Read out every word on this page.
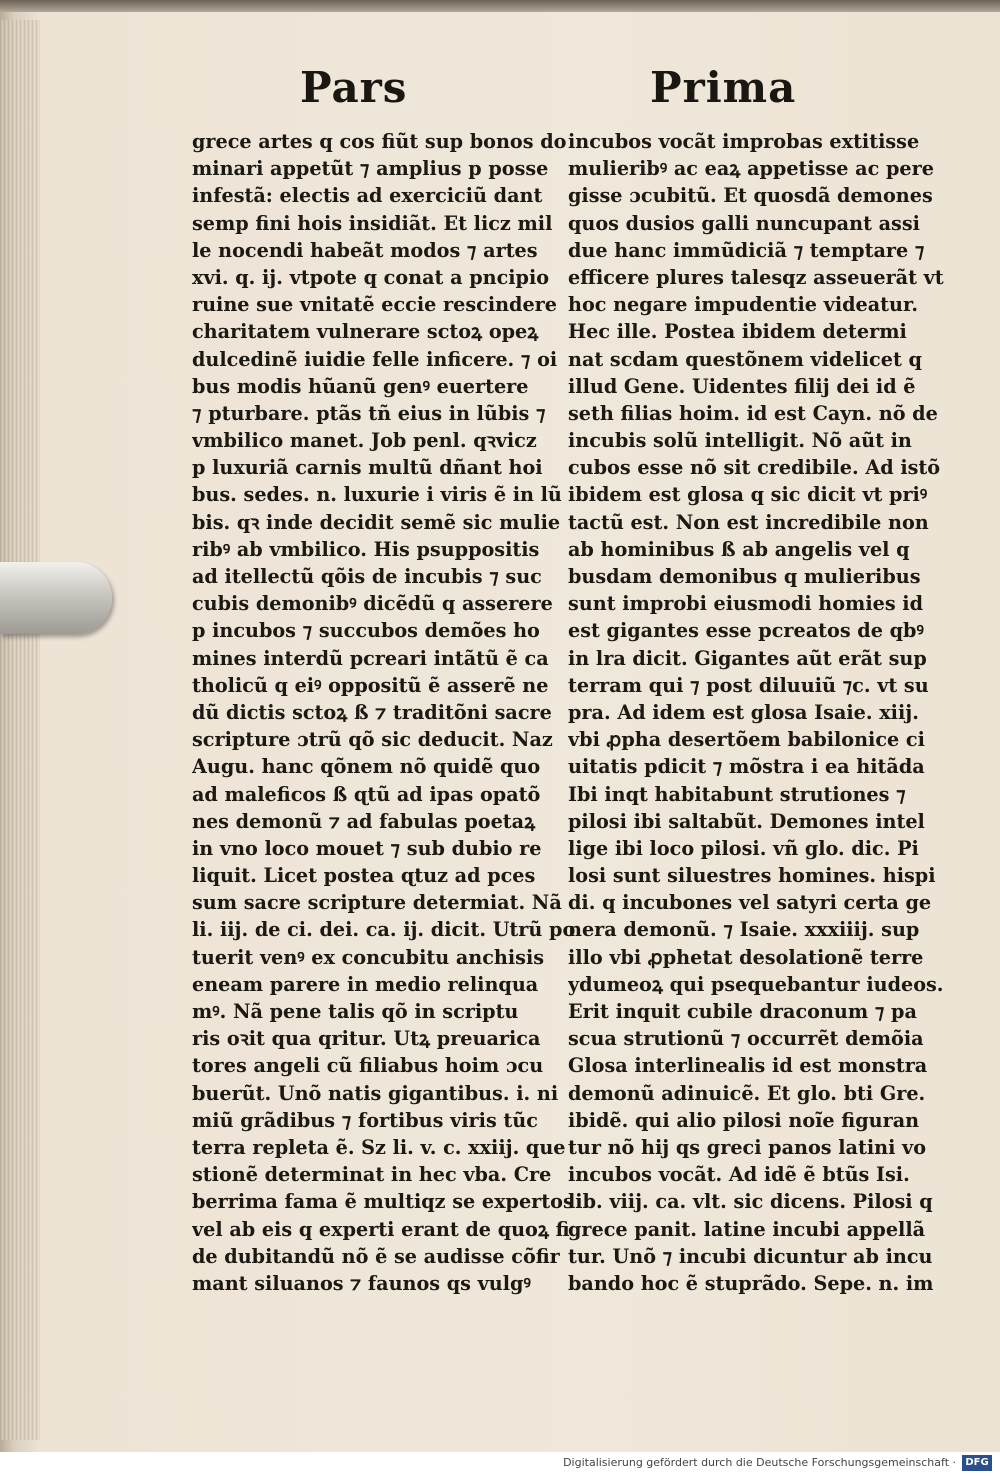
Pars	Prima
grece artes q cos fiũt sup bonos do
minari appetũt ⁊ amplius p posse
infestã: electis ad exerciciũ dant
semp fini hois insidiãt. Et licz mil
le nocendi habeãt modos ⁊ artes
xvi. q. ij. vtpote q conat a pncipio
ruine sue vnitatẽ eccie rescindere
charitatem vulnerare sctoꝝ opeꝝ
dulcedinẽ iuidie felle inficere. ⁊ oi
bus modis hũanũ genꝰ euertere
⁊ pturbare. ptãs tñ eius in lũbis ⁊
vmbilico manet. Job penl. qꝛvicz
p luxuriã carnis multũ dñant hoi
bus. sedes. n. luxurie i viris ẽ in lũ
bis. qꝛ inde decidit semẽ sic mulie
ribꝰ ab vmbilico. His psuppositis
ad itellectũ qõis de incubis ⁊ suc
cubis demonibꝰ dicẽdũ q asserere
p incubos ⁊ succubos demões ho
mines interdũ pcreari intãtũ ẽ ca
tholicũ q eiꝰ oppositũ ẽ asserẽ ne
dũ dictis sctoꝝ ß ⁊ traditõni sacre
scripture ɔtrũ qõ sic deducit. Naz
Augu. hanc qõnem nõ quidẽ quo
ad maleficos ß ɋtũ ad ipas opatõ
nes demonũ ⁊ ad fabulas poetaꝝ
in vno loco mouet ⁊ sub dubio re
liquit. Licet postea ɋtuz ad pces
sum sacre scripture determiat. Nã
li. iij. de ci. dei. ca. ij. dicit. Utrũ po
tuerit venꝰ ex concubitu anchisis
eneam parere in medio relinqua
mꝰ. Nã pene talis qõ in scriptu
ris oꝛit qua qritur. Utꝝ preuarica
tores angeli cũ filiabus hoim ɔcu
buerũt. Unõ natis gigantibus. i. ni
miũ grãdibus ⁊ fortibus viris tũc
terra repleta ẽ. Sz li. v. c. xxiij. que
stionẽ determinat in hec vba. Cre
berrima fama ẽ multiqz se expertos
vel ab eis q experti erant de quoꝝ fi
de dubitandũ nõ ẽ se audisse cõfir
mant siluanos ⁊ faunos qs vulgꝰ
incubos vocãt improbas extitisse
mulieribꝰ ac eaꝝ appetisse ac pere
gisse ɔcubitũ. Et quosdã demones
quos dusios galli nuncupant assi
due hanc immũdiciã ⁊ temptare ⁊
efficere plures talesqz asseuerãt vt
hoc negare impudentie videatur.
Hec ille. Postea ibidem determi
nat scdam questõnem videlicet q
illud Gene. Uidentes filij dei id ẽ
seth filias hoim. id est Cayn. nõ de
incubis solũ intelligit. Nõ aũt in
cubos esse nõ sit credibile. Ad istõ
ibidem est glosa q sic dicit vt priꝰ
tactũ est. Non est incredibile non
ab hominibus ß ab angelis vel q
busdam demonibus q mulieribus
sunt improbi eiusmodi homies id
est gigantes esse pcreatos de qbꝰ
in lra dicit. Gigantes aũt erãt sup
terram qui ⁊ post diluuiũ ⁊c. vt su
pra. Ad idem est glosa Isaie. xiij.
vbi ꝓpha desertõem babilonice ci
uitatis pdicit ⁊ mõstra i ea hitãda
Ibi inqt habitabunt strutiones ⁊
pilosi ibi saltabũt. Demones intel
lige ibi loco pilosi. vñ glo. dic. Pi
losi sunt siluestres homines. hispi
di. q incubones vel satyri certa ge
nera demonũ. ⁊ Isaie. xxxiiij. sup
illo vbi ꝓphetat desolationẽ terre
ydumeoꝝ qui psequebantur iudeos.
Erit inquit cubile draconum ⁊ pa
scua strutionũ ⁊ occurrẽt demõia
Glosa interlinealis id est monstra
demonũ adinuicẽ. Et glo. bti Gre.
ibidẽ. qui alio pilosi noĩe figuran
tur nõ hij qs greci panos latini vo
incubos vocãt. Ad idẽ ẽ btũs Isi.
lib. viij. ca. vlt. sic dicens. Pilosi q
grece panit. latine incubi appellã
tur. Unõ ⁊ incubi dicuntur ab incu
bando hoc ẽ stuprãdo. Sepe. n. im
Digitalisierung gefördert durch die Deutsche Forschungsgemeinschaft · DFG
